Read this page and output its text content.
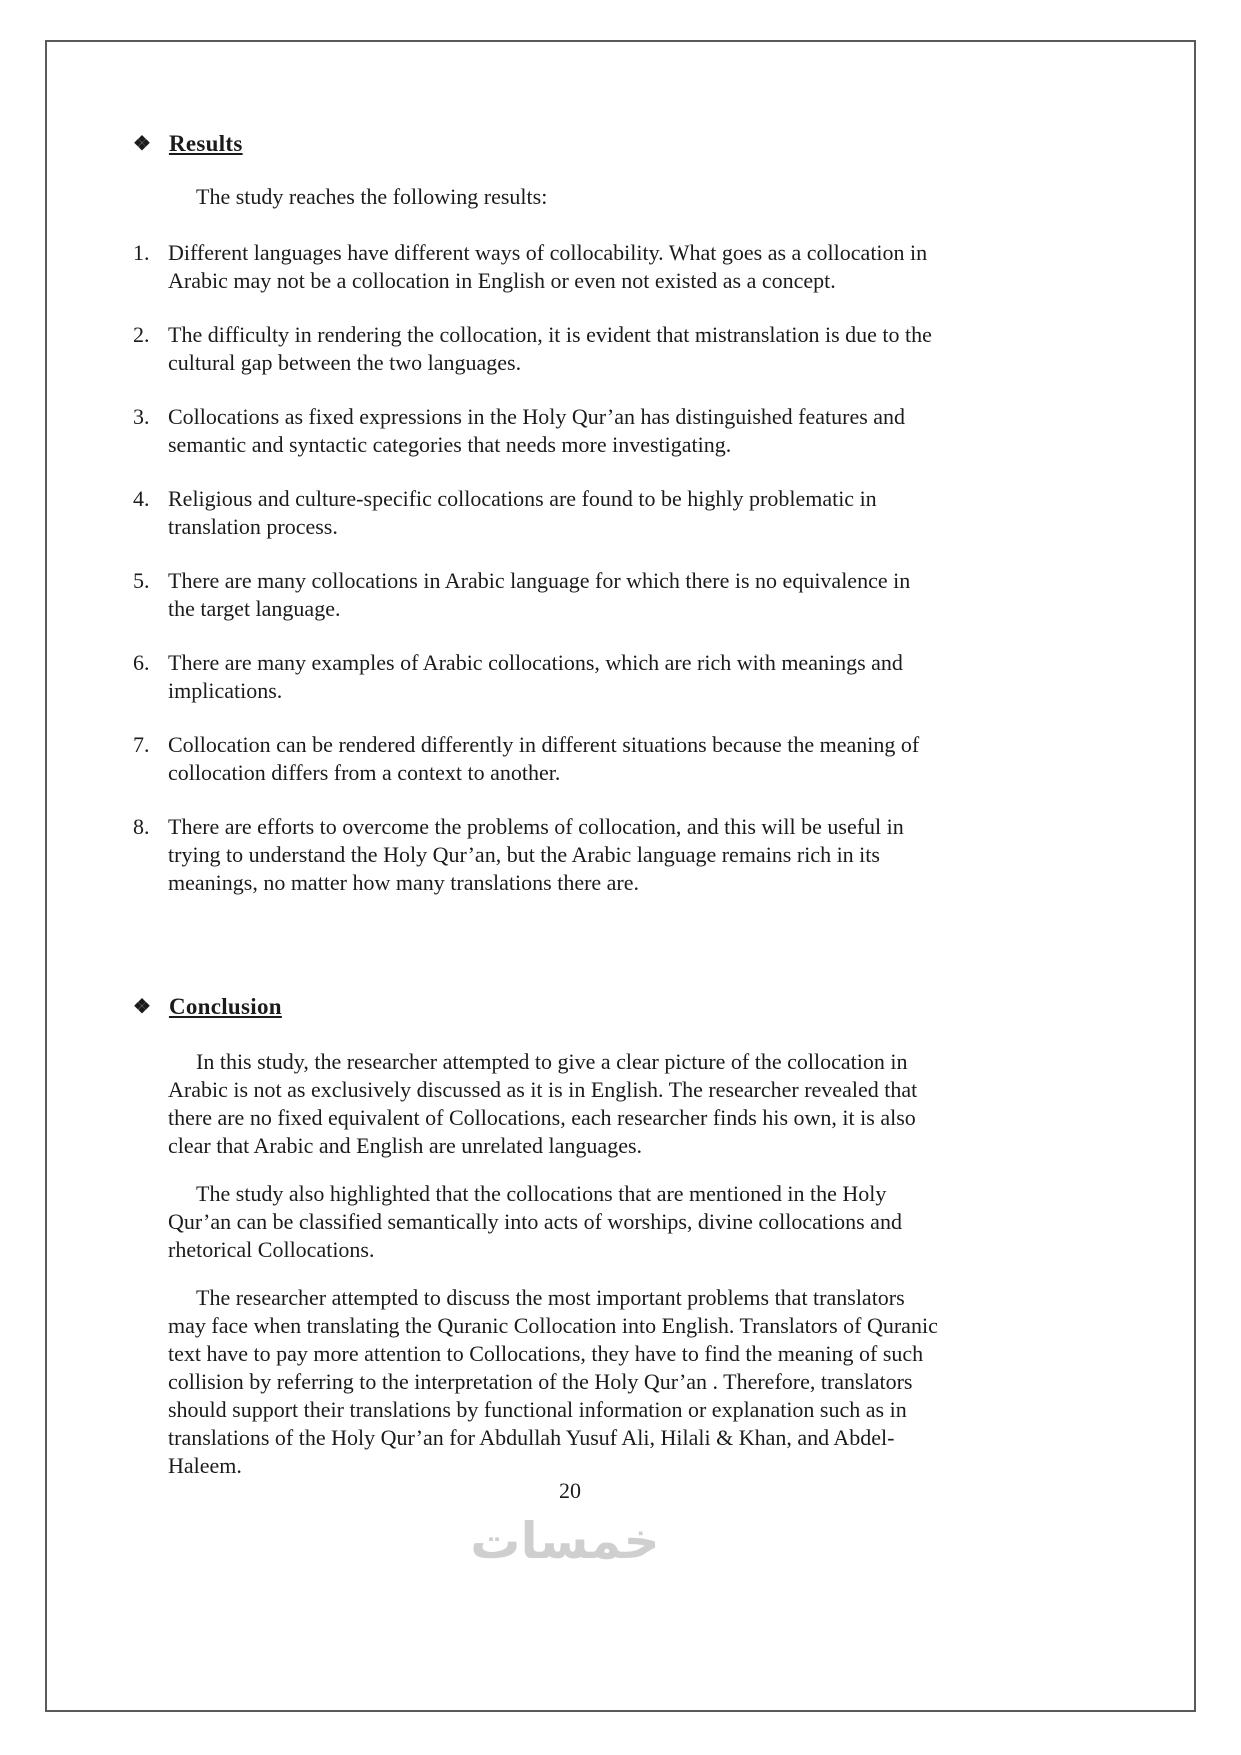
❖ Results

The study reaches the following results:

1. Different languages have different ways of collocability. What goes as a collocation in Arabic may not be a collocation in English or even not existed as a concept.
2. The difficulty in rendering the collocation, it is evident that mistranslation is due to the cultural gap between the two languages.
3. Collocations as fixed expressions in the Holy Qur’an has distinguished features and semantic and syntactic categories that needs more investigating.
4. Religious and culture-specific collocations are found to be highly problematic in translation process.
5. There are many collocations in Arabic language for which there is no equivalence in the target language.
6. There are many examples of Arabic collocations, which are rich with meanings and implications.
7. Collocation can be rendered differently in different situations because the meaning of collocation differs from a context to another.
8. There are efforts to overcome the problems of collocation, and this will be useful in trying to understand the Holy Qur’an, but the Arabic language remains rich in its meanings, no matter how many translations there are.
❖ Conclusion

In this study, the researcher attempted to give a clear picture of the collocation in Arabic is not as exclusively discussed as it is in English. The researcher revealed that there are no fixed equivalent of Collocations, each researcher finds his own, it is also clear that Arabic and English are unrelated languages.

The study also highlighted that the collocations that are mentioned in the Holy Qur’an can be classified semantically into acts of worships, divine collocations and rhetorical Collocations.

The researcher attempted to discuss the most important problems that translators may face when translating the Quranic Collocation into English. Translators of Quranic text have to pay more attention to Collocations, they have to find the meaning of such collision by referring to the interpretation of the Holy Qur’an . Therefore, translators should support their translations by functional information or explanation such as in translations of the Holy Qur’an for Abdullah Yusuf Ali, Hilali & Khan, and Abdel-Haleem.

20
خمسات
